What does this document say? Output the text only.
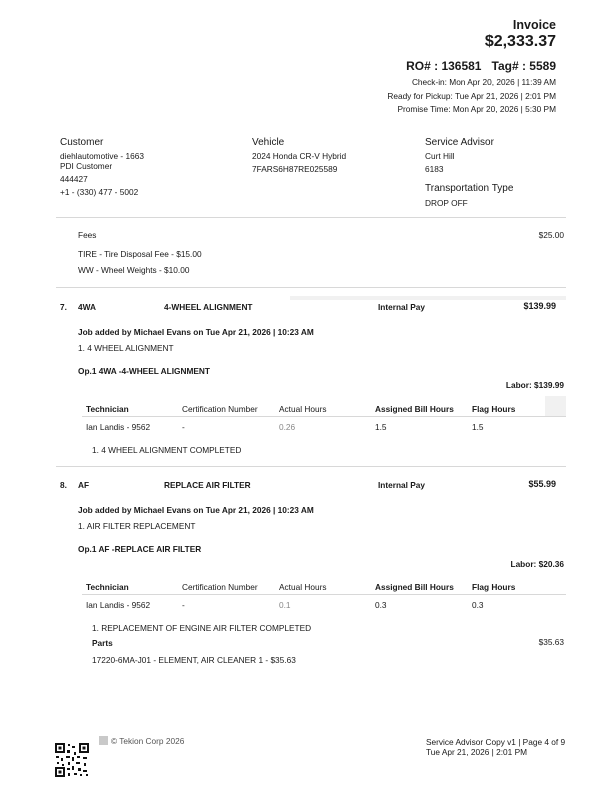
Invoice
$2,333.37
RO# : 136581 Tag# : 5589
Check-in: Mon Apr 20, 2026 | 11:39 AM
Ready for Pickup: Tue Apr 21, 2026 | 2:01 PM
Promise Time: Mon Apr 20, 2026 | 5:30 PM
Customer
diehlautomotive - 1663
PDI Customer
444427
+1 - (330) 477 - 5002
Vehicle
2024 Honda CR-V Hybrid
7FARS6H87RE025589
Service Advisor
Curt Hill
6183
Transportation Type
DROP OFF
Fees	$25.00
TIRE - Tire Disposal Fee - $15.00
WW - Wheel Weights - $10.00
7. 4WA	4-WHEEL ALIGNMENT	Internal Pay	$139.99
Job added by Michael Evans on Tue Apr 21, 2026 | 10:23 AM
1. 4 WHEEL ALIGNMENT
Op.1 4WA -4-WHEEL ALIGNMENT
Labor: $139.99
Technician	Certification Number	Actual Hours	Assigned Bill Hours Flag Hours
Ian Landis - 9562	-	0.26	1.5	1.5
1. 4 WHEEL ALIGNMENT COMPLETED
8. AF	REPLACE AIR FILTER	Internal Pay	$55.99
Job added by Michael Evans on Tue Apr 21, 2026 | 10:23 AM
1. AIR FILTER REPLACEMENT
Op.1 AF -REPLACE AIR FILTER
Labor: $20.36
Technician	Certification Number	Actual Hours	Assigned Bill Hours Flag Hours
Ian Landis - 9562	-	0.1	0.3	0.3
1. REPLACEMENT OF ENGINE AIR FILTER COMPLETED
Parts	$35.63
17220-6MA-J01 - ELEMENT, AIR CLEANER 1 - $35.63
© Tekion Corp 2026	Service Advisor Copy v1 | Page 4 of 9
Tue Apr 21, 2026 | 2:01 PM
